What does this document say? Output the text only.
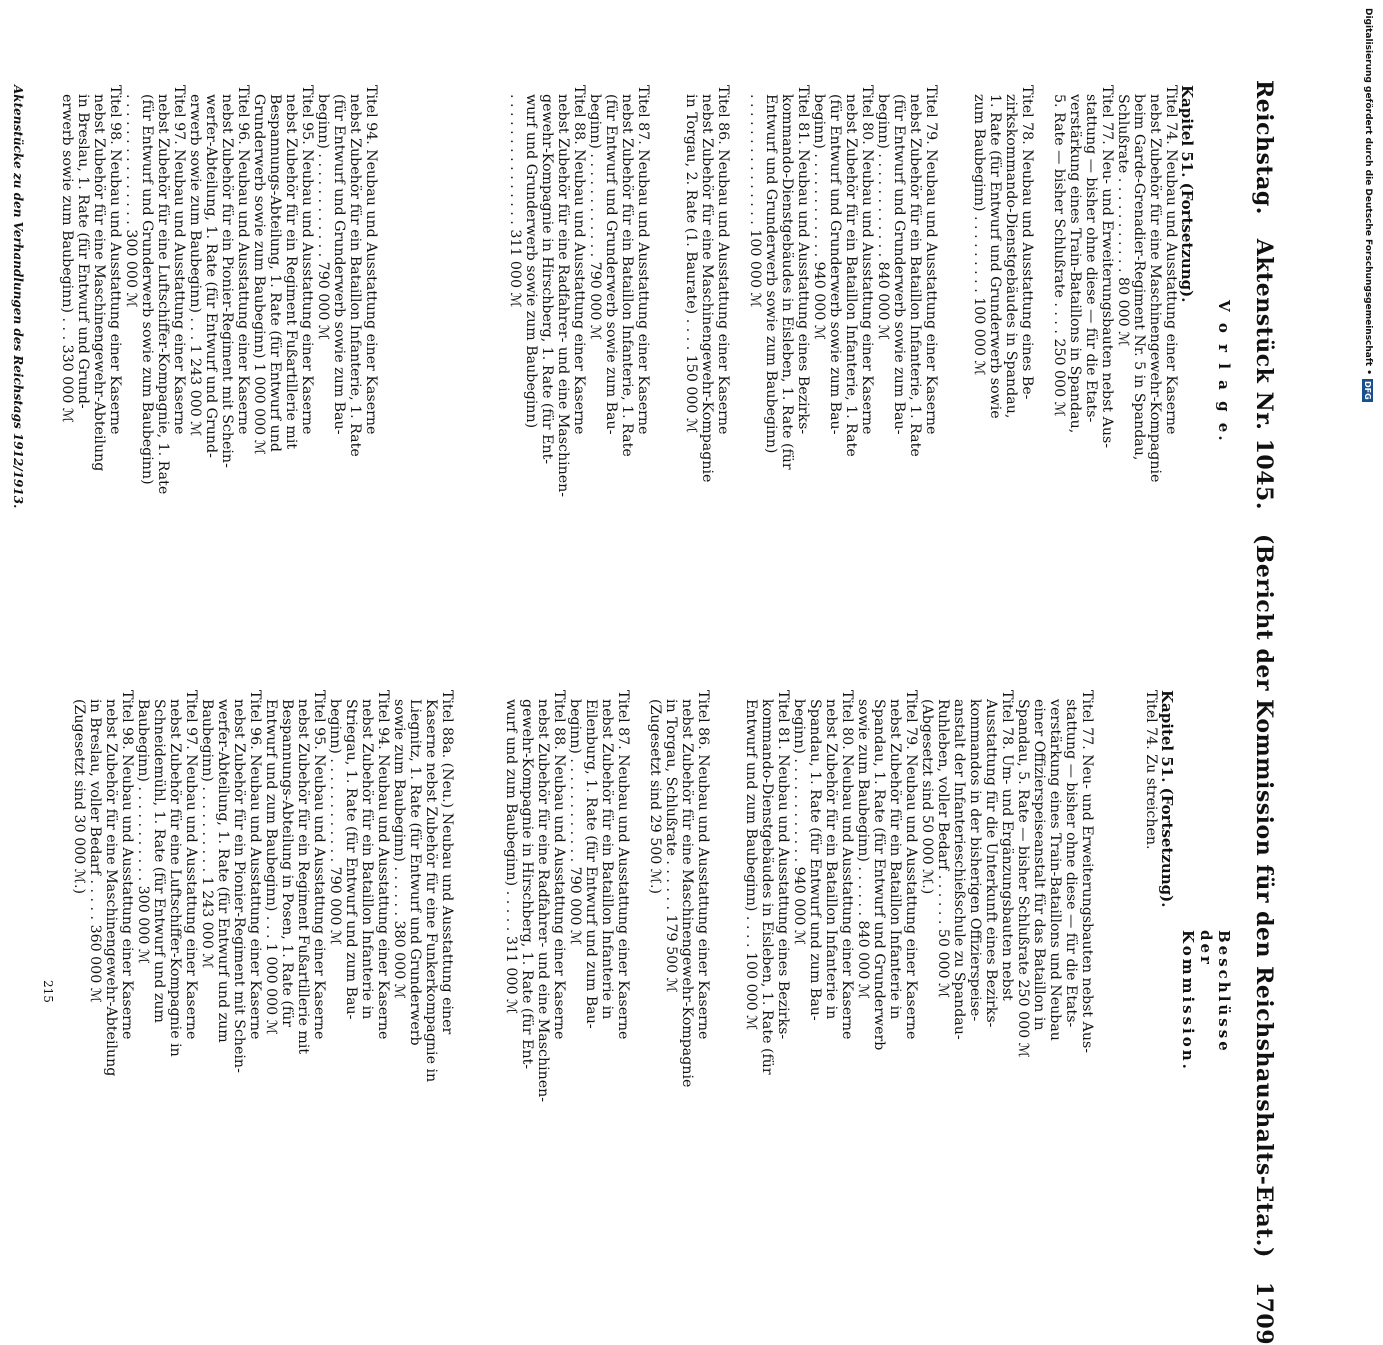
Reichstag.
Aktenstück Nr. 1045.
(Bericht der Kommission für den Reichshaushalts-Etat.)
1709
V o r l a g e.
Beschlüsse der Kommission.
Kapitel 51. (Fortsetzung).
Titel 74. Neubau und Ausstattung einer Kaserne
nebst Zubehör für eine Maschinengewehr-Kompagnie
beim Garde-Grenadier-Regiment Nr. 5 in Spandau,
Schlußrate . . . . . . . . . . . 80 000 ℳ
Titel 77. Neu- und Erweiterungsbauten nebst Aus-
stattung — bisher ohne diese — für die Etats-
verstärkung eines Train-Bataillons in Spandau,
5. Rate — bisher Schlußrate . . . . 250 000 ℳ

Titel 78. Neubau und Ausstattung eines Be-
zirkskommando-Dienstgebäudes in Spandau,
1. Rate (für Entwurf und Grunderwerb sowie
zum Baubeginn) . . . . . . . . . 100 000 ℳ

Titel 79. Neubau und Ausstattung einer Kaserne
nebst Zubehör für ein Bataillon Infanterie, 1. Rate
(für Entwurf und Grunderwerb sowie zum Bau-
beginn) . . . . . . . . . . . . 840 000 ℳ
Titel 80. Neubau und Ausstattung einer Kaserne
nebst Zubehör für ein Bataillon Infanterie, 1. Rate
(für Entwurf und Grunderwerb sowie zum Bau-
beginn) . . . . . . . . . . . . 940 000 ℳ
Titel 81. Neubau und Ausstattung eines Bezirks-
kommando-Dienstgebäudes in Eisleben, 1. Rate (für
Entwurf und Grunderwerb sowie zum Baubeginn)
. . . . . . . . . . . . . . . 100 000 ℳ

Titel 86. Neubau und Ausstattung einer Kaserne
nebst Zubehör für eine Maschinengewehr-Kompagnie
in Torgau, 2. Rate (1. Baurate) . . . . 150 000 ℳ

Titel 87. Neubau und Ausstattung einer Kaserne
nebst Zubehör für ein Bataillon Infanterie, 1. Rate
(für Entwurf und Grunderwerb sowie zum Bau-
beginn) . . . . . . . . . . . . 790 000 ℳ
Titel 88. Neubau und Ausstattung einer Kaserne
nebst Zubehör für eine Radfahrer- und eine Maschinen-
gewehr-Kompagnie in Hirschberg, 1. Rate (für Ent-
wurf und Grunderwerb sowie zum Baubeginn)
. . . . . . . . . . . . . . . 311 000 ℳ

Titel 94. Neubau und Ausstattung einer Kaserne
nebst Zubehör für ein Bataillon Infanterie, 1. Rate
(für Entwurf und Grunderwerb sowie zum Bau-
beginn) . . . . . . . . . . . . 790 000 ℳ
Titel 95. Neubau und Ausstattung einer Kaserne
nebst Zubehör für ein Regiment Fußartillerie mit
Bespannungs-Abteilung, 1. Rate (für Entwurf und
Grunderwerb sowie zum Baubeginn) 1 000 000 ℳ
Titel 96. Neubau und Ausstattung einer Kaserne
nebst Zubehör für ein Pionier-Regiment mit Schein-
werfer-Abteilung, 1. Rate (für Entwurf und Grund-
erwerb sowie zum Baubeginn) . . . 1 243 000 ℳ
Titel 97. Neubau und Ausstattung einer Kaserne
nebst Zubehör für eine Luftschiffer-Kompagnie, 1. Rate
(für Entwurf und Grunderwerb sowie zum Baubeginn)
. . . . . . . . . . . . . . . 300 000 ℳ
Titel 98. Neubau und Ausstattung einer Kaserne
nebst Zubehör für eine Maschinengewehr-Abteilung
in Breslau, 1. Rate (für Entwurf und Grund-
erwerb sowie zum Baubeginn) . . . 330 000 ℳ
Kapitel 51. (Fortsetzung).
Titel 74. Zu streichen.

Titel 77. Neu- und Erweiterungsbauten nebst Aus-
stattung — bisher ohne diese — für die Etats-
verstärkung eines Train-Bataillons und Neubau
einer Offizierspeiseanstalt für das Bataillon in
Spandau, 5. Rate — bisher Schlußrate 250 000 ℳ
Titel 78. Um- und Ergänzungsbauten nebst
Ausstattung für die Unterkunft eines Bezirks-
kommandos in der bisherigen Offizierspeise-
anstalt der Infanterieschießschule zu Spandau-
Ruhleben, voller Bedarf . . . . . . 50 000 ℳ
(Abgesetzt sind 50 000 ℳ.)
Titel 79. Neubau und Ausstattung einer Kaserne
nebst Zubehör für ein Bataillon Infanterie in
Spandau, 1. Rate (für Entwurf und Grunderwerb
sowie zum Baubeginn) . . . . . . 840 000 ℳ
Titel 80. Neubau und Ausstattung einer Kaserne
nebst Zubehör für ein Bataillon Infanterie in
Spandau, 1. Rate (für Entwurf und zum Bau-
beginn) . . . . . . . . . . . . 940 000 ℳ
Titel 81. Neubau und Ausstattung eines Bezirks-
kommando-Dienstgebäudes in Eisleben, 1. Rate (für
Entwurf und zum Baubeginn) . . . . 100 000 ℳ

Titel 86. Neubau und Ausstattung einer Kaserne
nebst Zubehör für eine Maschinengewehr-Kompagnie
in Torgau, Schlußrate . . . . . . 179 500 ℳ
(Zugesetzt sind 29 500 ℳ.)

Titel 87. Neubau und Ausstattung einer Kaserne
nebst Zubehör für ein Bataillon Infanterie in
Eilenburg, 1. Rate (für Entwurf und zum Bau-
beginn) . . . . . . . . . . . . 790 000 ℳ
Titel 88. Neubau und Ausstattung einer Kaserne
nebst Zubehör für eine Radfahrer- und eine Maschinen-
gewehr-Kompagnie in Hirschberg, 1. Rate (für Ent-
wurf und zum Baubeginn) . . . . . 311 000 ℳ

Titel 88a. (Neu.) Neubau und Ausstattung einer
Kaserne nebst Zubehör für eine Funkerkompagnie in
Liegnitz, 1. Rate (für Entwurf und Grunderwerb
sowie zum Baubeginn) . . . . . . 380 000 ℳ
Titel 94. Neubau und Ausstattung einer Kaserne
nebst Zubehör für ein Bataillon Infanterie in
Striegau, 1. Rate (für Entwurf und zum Bau-
beginn) . . . . . . . . . . . . 790 000 ℳ
Titel 95. Neubau und Ausstattung einer Kaserne
nebst Zubehör für ein Regiment Fußartillerie mit
Bespannungs-Abteilung in Posen, 1. Rate (für
Entwurf und zum Baubeginn) . . . 1 000 000 ℳ
Titel 96. Neubau und Ausstattung einer Kaserne
nebst Zubehör für ein Pionier-Regiment mit Schein-
werfer-Abteilung, 1. Rate (für Entwurf und zum
Baubeginn) . . . . . . . . . . 1 243 000 ℳ
Titel 97. Neubau und Ausstattung einer Kaserne
nebst Zubehör für eine Luftschiffer-Kompagnie in
Schneidemühl, 1. Rate (für Entwurf und zum
Baubeginn) . . . . . . . . . . . 300 000 ℳ
Titel 98. Neubau und Ausstattung einer Kaserne
nebst Zubehör für eine Maschinengewehr-Abteilung
in Breslau, voller Bedarf . . . . . 360 000 ℳ
(Zugesetzt sind 30 000 ℳ.)
Aktenstücke zu den Verhandlungen des Reichstags 1912/1913.
215
Digitalisierung gefördert durch die Deutsche Forschungsgemeinschaft •
DFG
